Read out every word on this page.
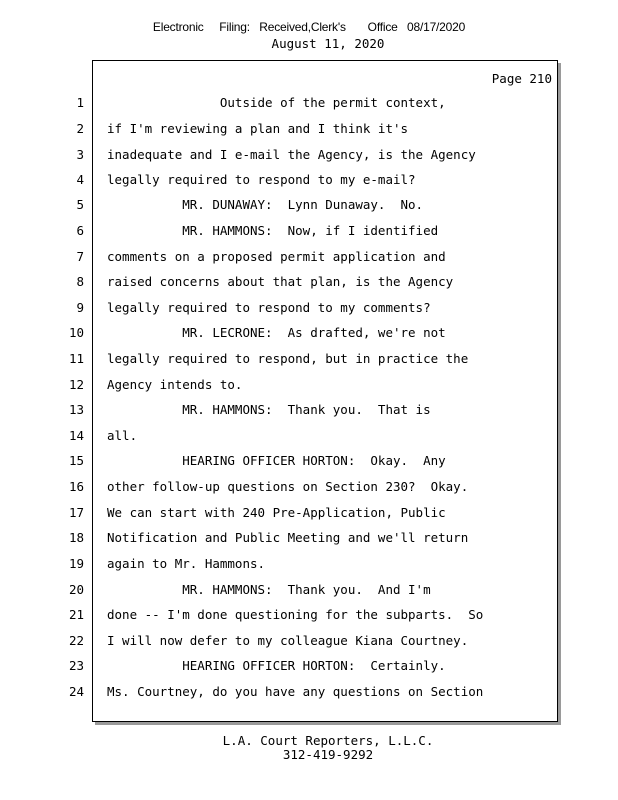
Electronic     Filing:   Received,Clerk's       Office   08/17/2020
August 11, 2020
Page 210
1
2
3
4
5
6
7
8
9
10
11
12
13
14
15
16
17
18
19
20
21
22
23
24
Outside of the permit context,
if I'm reviewing a plan and I think it's
inadequate and I e-mail the Agency, is the Agency
legally required to respond to my e-mail?
MR. DUNAWAY:  Lynn Dunaway.  No.
MR. HAMMONS:  Now, if I identified
comments on a proposed permit application and
raised concerns about that plan, is the Agency
legally required to respond to my comments?
MR. LECRONE:  As drafted, we're not
legally required to respond, but in practice the
Agency intends to.
MR. HAMMONS:  Thank you.  That is
all.
HEARING OFFICER HORTON:  Okay.  Any
other follow-up questions on Section 230?  Okay.
We can start with 240 Pre-Application, Public
Notification and Public Meeting and we'll return
again to Mr. Hammons.
MR. HAMMONS:  Thank you.  And I'm
done -- I'm done questioning for the subparts.  So
I will now defer to my colleague Kiana Courtney.
HEARING OFFICER HORTON:  Certainly.
Ms. Courtney, do you have any questions on Section
L.A. Court Reporters, L.L.C.
312-419-9292
